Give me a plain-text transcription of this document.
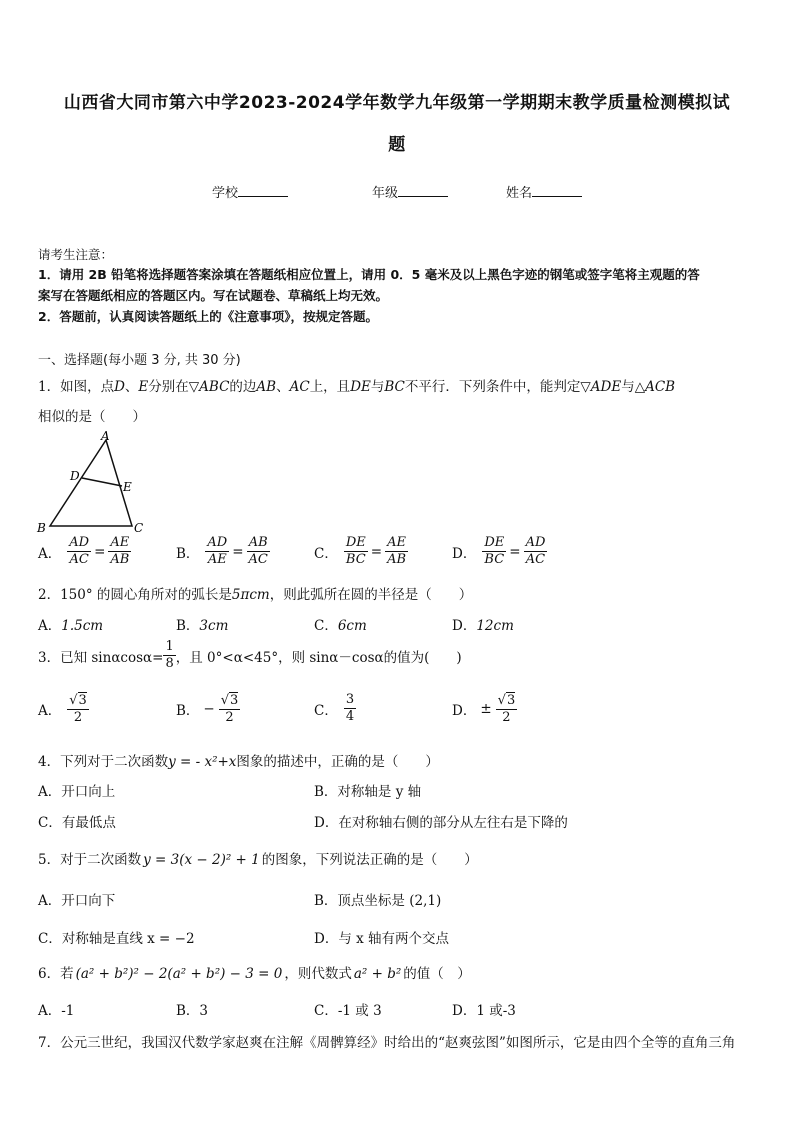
山西省大同市第六中学2023-2024学年数学九年级第一学期期末教学质量检测模拟试
题
学校	年级	姓名
请考生注意：
1．请用 2B 铅笔将选择题答案涂填在答题纸相应位置上，请用 0．5 毫米及以上黑色字迹的钢笔或签字笔将主观题的答
案写在答题纸相应的答题区内。写在试题卷、草稿纸上均无效。
2．答题前，认真阅读答题纸上的《注意事项》，按规定答题。
一、选择题(每小题 3 分, 共 30 分)
1．如图，点D、E分别在▽ABC的边AB、AC上，且DE与BC不平行．下列条件中，能判定▽ADE与△ACB
相似的是（　　）
A
B	C
D
E
A． $\frac{AD}{AC} = \frac{AE}{AB}$	B． $\frac{AD}{AE} = \frac{AB}{AC}$	C． $\frac{DE}{BC} = \frac{AE}{AB}$	D． $\frac{DE}{BC} = \frac{AD}{AC}$
2．150° 的圆心角所对的弧长是5πcm，则此弧所在圆的半径是（　　）
A．1.5cm	B．3cm	C．6cm	D．12cm
3．已知 $\sin\alpha\cos\alpha= \frac{1}{8}$ ，且 0°<α<45°，则 sinα－cosα的值为(　　)
A． $\frac{√3}{2}$	B． − $\frac{√3}{2}$	C． $\frac{3}{4}$	D． ± $\frac{√3}{2}$
4．下列对于二次函数y = - x²+x图象的描述中，正确的是（　　）
A．开口向上	B．对称轴是 y 轴
C．有最低点	D．在对称轴右侧的部分从左往右是下降的
5．对于二次函数 y = 3(x − 2)² + 1 的图象，下列说法正确的是（　　）
A．开口向下	B．顶点坐标是 (2,1)
C．对称轴是直线 x = −2	D．与 x 轴有两个交点
6．若 (a² + b²)² − 2(a² + b²) − 3 = 0 ，则代数式 a² + b² 的值（　）
A．-1	B．3	C．-1 或 3	D．1 或-3
7．公元三世纪，我国汉代数学家赵爽在注解《周髀算经》时给出的“赵爽弦图”如图所示，它是由四个全等的直角三角
